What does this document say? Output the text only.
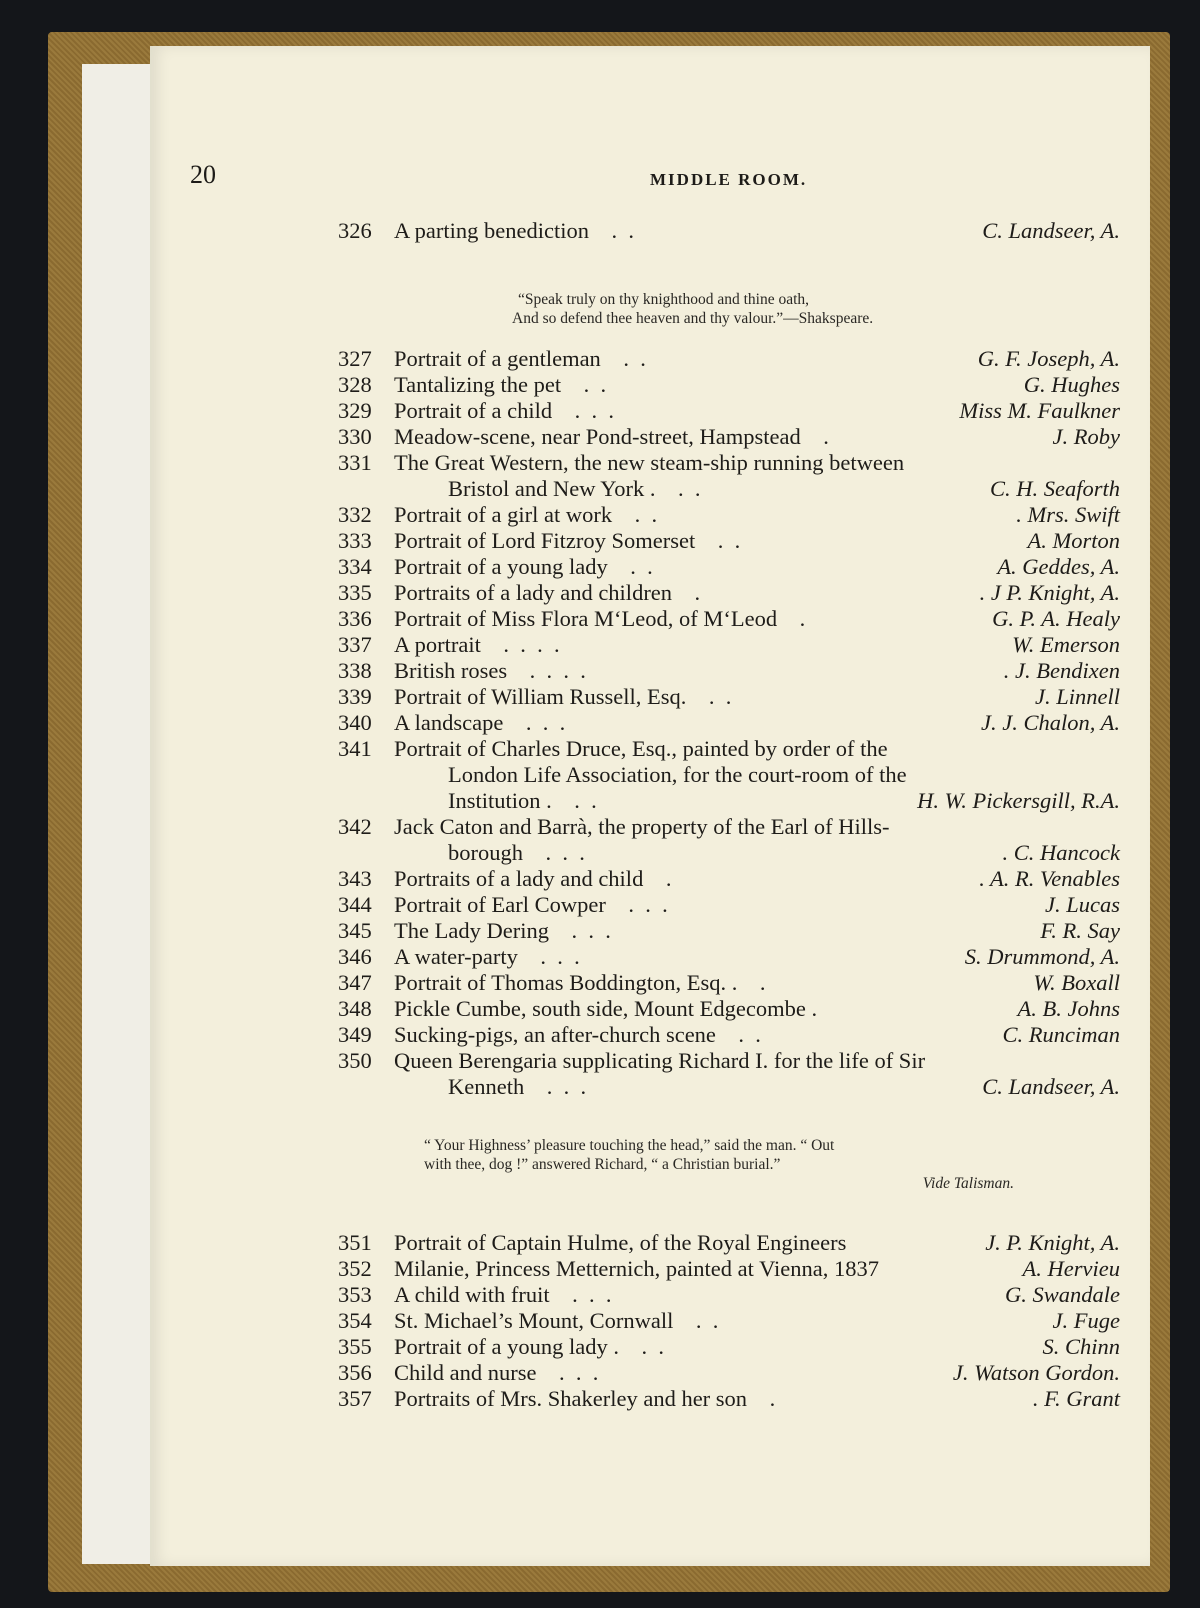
20	MIDDLE ROOM.
326 A parting benediction    .  .	C. Landseer, A.
“Speak truly on thy knighthood and thine oath,
And so defend thee heaven and thy valour.”—Shakspeare.
327 Portrait of a gentleman    .  .	G. F. Joseph, A.
328 Tantalizing the pet    .  .	G. Hughes
329 Portrait of a child    .  .  .	Miss M. Faulkner
330 Meadow-scene, near Pond-street, Hampstead    .	J. Roby
331 The Great Western, the new steam-ship running between
Bristol and New York .    .  .	C. H. Seaforth
332 Portrait of a girl at work    .  .	. Mrs. Swift
333 Portrait of Lord Fitzroy Somerset    .  .	A. Morton
334 Portrait of a young lady    .  .	A. Geddes, A.
335 Portraits of a lady and children    .	. J P. Knight, A.
336 Portrait of Miss Flora M‘Leod, of M‘Leod    .	G. P. A. Healy
337 A portrait    .  .  .  .	W. Emerson
338 British roses    .  .  .  .	. J. Bendixen
339 Portrait of William Russell, Esq.    .  .	J. Linnell
340 A landscape    .  .  .	J. J. Chalon, A.
341 Portrait of Charles Druce, Esq., painted by order of the
London Life Association, for the court-room of the
Institution .    .  .	H. W. Pickersgill, R.A.
342 Jack Caton and Barrà, the property of the Earl of Hills-
borough    .  .  .	. C. Hancock
343 Portraits of a lady and child    .	. A. R. Venables
344 Portrait of Earl Cowper    .  .  .	J. Lucas
345 The Lady Dering    .  .  .	F. R. Say
346 A water-party    .  .  .	S. Drummond, A.
347 Portrait of Thomas Boddington, Esq. .    .	W. Boxall
348 Pickle Cumbe, south side, Mount Edgecombe .	A. B. Johns
349 Sucking-pigs, an after-church scene    .  .	C. Runciman
350 Queen Berengaria supplicating Richard I. for the life of Sir
Kenneth    .  .  .	C. Landseer, A.
“ Your Highness’ pleasure touching the head,” said the man. “ Out
with thee, dog !” answered Richard, “ a Christian burial.”
Vide Talisman.
351 Portrait of Captain Hulme, of the Royal Engineers	J. P. Knight, A.
352 Milanie, Princess Metternich, painted at Vienna, 1837	A. Hervieu
353 A child with fruit    .  .  .	G. Swandale
354 St. Michael’s Mount, Cornwall    .  .	J. Fuge
355 Portrait of a young lady .    .  .	S. Chinn
356 Child and nurse    .  .  .	J. Watson Gordon.
357 Portraits of Mrs. Shakerley and her son    .	. F. Grant
